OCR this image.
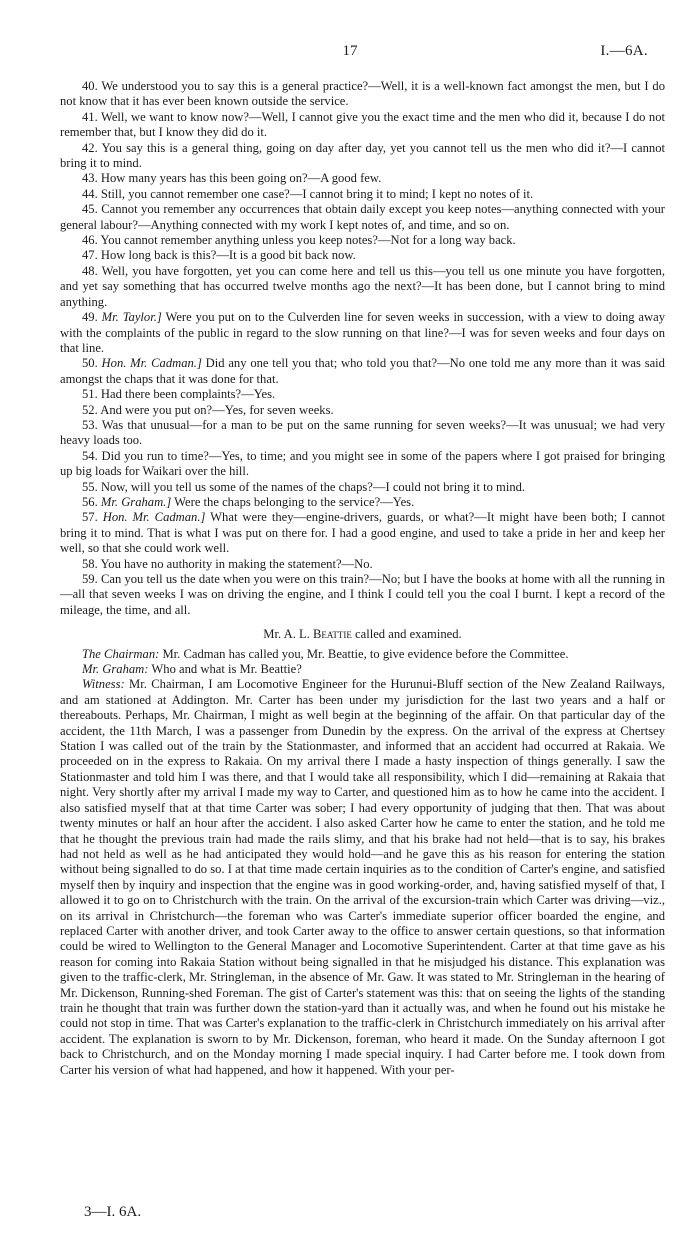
17	I.—6A.

40. We understood you to say this is a general practice?—Well, it is a well-known fact amongst the men, but I do not know that it has ever been known outside the service.

41. Well, we want to know now?—Well, I cannot give you the exact time and the men who did it, because I do not remember that, but I know they did do it.

42. You say this is a general thing, going on day after day, yet you cannot tell us the men who did it?—I cannot bring it to mind.

43. How many years has this been going on?—A good few.

44. Still, you cannot remember one case?—I cannot bring it to mind; I kept no notes of it.

45. Cannot you remember any occurrences that obtain daily except you keep notes—anything connected with your general labour?—Anything connected with my work I kept notes of, and time, and so on.

46. You cannot remember anything unless you keep notes?—Not for a long way back.

47. How long back is this?—It is a good bit back now.

48. Well, you have forgotten, yet you can come here and tell us this—you tell us one minute you have forgotten, and yet say something that has occurred twelve months ago the next?—It has been done, but I cannot bring to mind anything.

49. Mr. Taylor.] Were you put on to the Culverden line for seven weeks in succession, with a view to doing away with the complaints of the public in regard to the slow running on that line?—I was for seven weeks and four days on that line.

50. Hon. Mr. Cadman.] Did any one tell you that; who told you that?—No one told me any more than it was said amongst the chaps that it was done for that.

51. Had there been complaints?—Yes.

52. And were you put on?—Yes, for seven weeks.

53. Was that unusual—for a man to be put on the same running for seven weeks?—It was unusual; we had very heavy loads too.

54. Did you run to time?—Yes, to time; and you might see in some of the papers where I got praised for bringing up big loads for Waikari over the hill.

55. Now, will you tell us some of the names of the chaps?—I could not bring it to mind.

56. Mr. Graham.] Were the chaps belonging to the service?—Yes.

57. Hon. Mr. Cadman.] What were they—engine-drivers, guards, or what?—It might have been both; I cannot bring it to mind. That is what I was put on there for. I had a good engine, and used to take a pride in her and keep her well, so that she could work well.

58. You have no authority in making the statement?—No.

59. Can you tell us the date when you were on this train?—No; but I have the books at home with all the running in—all that seven weeks I was on driving the engine, and I think I could tell you the coal I burnt. I kept a record of the mileage, the time, and all.

Mr. A. L. Beattie called and examined.

The Chairman: Mr. Cadman has called you, Mr. Beattie, to give evidence before the Committee.

Mr. Graham: Who and what is Mr. Beattie?

Witness: Mr. Chairman, I am Locomotive Engineer for the Hurunui-Bluff section of the New Zealand Railways, and am stationed at Addington. Mr. Carter has been under my jurisdiction for the last two years and a half or thereabouts. Perhaps, Mr. Chairman, I might as well begin at the beginning of the affair. On that particular day of the accident, the 11th March, I was a passenger from Dunedin by the express. On the arrival of the express at Chertsey Station I was called out of the train by the Stationmaster, and informed that an accident had occurred at Rakaia. We proceeded on in the express to Rakaia. On my arrival there I made a hasty inspection of things generally. I saw the Stationmaster and told him I was there, and that I would take all responsibility, which I did—remaining at Rakaia that night. Very shortly after my arrival I made my way to Carter, and questioned him as to how he came into the accident. I also satisfied myself that at that time Carter was sober; I had every opportunity of judging that then. That was about twenty minutes or half an hour after the accident. I also asked Carter how he came to enter the station, and he told me that he thought the previous train had made the rails slimy, and that his brake had not held—that is to say, his brakes had not held as well as he had anticipated they would hold—and he gave this as his reason for entering the station without being signalled to do so. I at that time made certain inquiries as to the condition of Carter's engine, and satisfied myself then by inquiry and inspection that the engine was in good working-order, and, having satisfied myself of that, I allowed it to go on to Christchurch with the train. On the arrival of the excursion-train which Carter was driving—viz., on its arrival in Christchurch—the foreman who was Carter's immediate superior officer boarded the engine, and replaced Carter with another driver, and took Carter away to the office to answer certain questions, so that information could be wired to Wellington to the General Manager and Locomotive Superintendent. Carter at that time gave as his reason for coming into Rakaia Station without being signalled in that he misjudged his distance. This explanation was given to the traffic-clerk, Mr. Stringleman, in the absence of Mr. Gaw. It was stated to Mr. Stringleman in the hearing of Mr. Dickenson, Running-shed Foreman. The gist of Carter's statement was this: that on seeing the lights of the standing train he thought that train was further down the station-yard than it actually was, and when he found out his mistake he could not stop in time. That was Carter's explanation to the traffic-clerk in Christchurch immediately on his arrival after accident. The explanation is sworn to by Mr. Dickenson, foreman, who heard it made. On the Sunday afternoon I got back to Christchurch, and on the Monday morning I made special inquiry. I had Carter before me. I took down from Carter his version of what had happened, and how it happened. With your per-

3—I. 6A.
